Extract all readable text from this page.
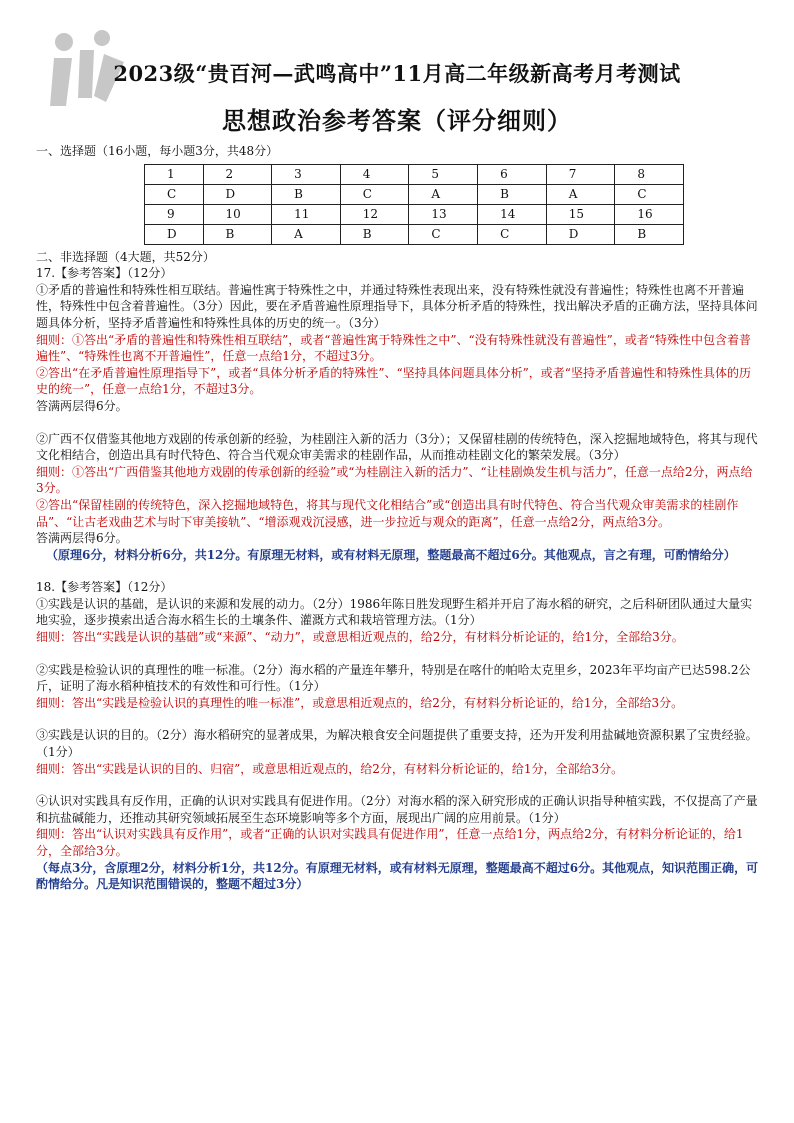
2023级“贵百河—武鸣高中”11月高二年级新高考月考测试
思想政治参考答案（评分细则）

一、选择题（16小题，每小题3分，共48分）

1	2	3	4	5	6	7	8
C	D	B	C	A	B	A	C
9	10	11	12	13	14	15	16
D	B	A	B	C	C	D	B

二、非选择题（4大题，共52分）

17.【参考答案】（12分）

①矛盾的普遍性和特殊性相互联结。普遍性寓于特殊性之中，并通过特殊性表现出来，没有特殊性就没有普遍性；特殊性也离不开普遍性，特殊性中包含着普遍性。（3分）因此，要在矛盾普遍性原理指导下，具体分析矛盾的特殊性，找出解决矛盾的正确方法，坚持具体问题具体分析，坚持矛盾普遍性和特殊性具体的历史的统一。（3分）

细则：①答出“矛盾的普遍性和特殊性相互联结”，或者“普遍性寓于特殊性之中”、“没有特殊性就没有普遍性”，或者“特殊性中包含着普遍性”、“特殊性也离不开普遍性”，任意一点给1分，不超过3分。

②答出“在矛盾普遍性原理指导下”，或者“具体分析矛盾的特殊性”、“坚持具体问题具体分析”，或者“坚持矛盾普遍性和特殊性具体的历史的统一”，任意一点给1分，不超过3分。

答满两层得6分。

②广西不仅借鉴其他地方戏剧的传承创新的经验，为桂剧注入新的活力（3分）；又保留桂剧的传统特色，深入挖掘地域特色，将其与现代文化相结合，创造出具有时代特色、符合当代观众审美需求的桂剧作品，从而推动桂剧文化的繁荣发展。（3分）

细则：①答出“广西借鉴其他地方戏剧的传承创新的经验”或“为桂剧注入新的活力”、“让桂剧焕发生机与活力”，任意一点给2分，两点给3分。

②答出“保留桂剧的传统特色，深入挖掘地域特色，将其与现代文化相结合”或“创造出具有时代特色、符合当代观众审美需求的桂剧作品”、“让古老戏曲艺术与时下审美接轨”、“增添观戏沉浸感，进一步拉近与观众的距离”，任意一点给2分，两点给3分。

答满两层得6分。

（原理6分，材料分析6分，共12分。有原理无材料，或有材料无原理，整题最高不超过6分。其他观点，言之有理，可酌情给分）

18.【参考答案】（12分）

①实践是认识的基础，是认识的来源和发展的动力。（2分）1986年陈日胜发现野生稻并开启了海水稻的研究，之后科研团队通过大量实地实验，逐步摸索出适合海水稻生长的土壤条件、灌溉方式和栽培管理方法。（1分）

细则：答出“实践是认识的基础”或“来源”、“动力”，或意思相近观点的，给2分，有材料分析论证的，给1分，全部给3分。

②实践是检验认识的真理性的唯一标准。（2分）海水稻的产量连年攀升，特别是在喀什的帕哈太克里乡，2023年平均亩产已达598.2公斤，证明了海水稻种植技术的有效性和可行性。（1分）

细则：答出“实践是检验认识的真理性的唯一标准”，或意思相近观点的，给2分，有材料分析论证的，给1分，全部给3分。

③实践是认识的目的。（2分）海水稻研究的显著成果，为解决粮食安全问题提供了重要支持，还为开发利用盐碱地资源积累了宝贵经验。（1分）

细则：答出“实践是认识的目的、归宿”，或意思相近观点的，给2分，有材料分析论证的，给1分，全部给3分。

④认识对实践具有反作用，正确的认识对实践具有促进作用。（2分）对海水稻的深入研究形成的正确认识指导种植实践，不仅提高了产量和抗盐碱能力，还推动其研究领域拓展至生态环境影响等多个方面，展现出广阔的应用前景。（1分）

细则：答出“认识对实践具有反作用”，或者“正确的认识对实践具有促进作用”，任意一点给1分，两点给2分，有材料分析论证的，给1分，全部给3分。

（每点3分，含原理2分，材料分析1分，共12分。有原理无材料，或有材料无原理，整题最高不超过6分。其他观点，知识范围正确，可酌情给分。凡是知识范围错误的，整题不超过3分）
